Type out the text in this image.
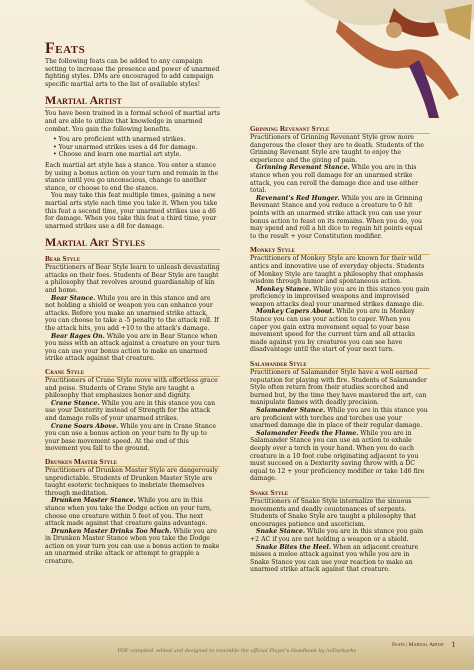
Feats

The following feats can be added to any campaign setting to increase the presence and power of unarmed fighting styles. DMs are encouraged to add campaign specific martial arts to the list of available styles!

Martial Artist

You have been trained in a formal school of martial arts and are able to utilize that knowledge in unarmed combat. You gain the following benefits.

• You are proficient with unarmed strikes.
• Your unarmed strikes uses a d4 for damage.
• Choose and learn one martial art style.

Each martial art style has a stance. You enter a stance by using a bonus action on your turn and remain in the stance until you go unconscious, change to another stance, or choose to end the stance.

You may take this feat multiple times, gaining a new martial arts style each time you take it. When you take this feat a second time, your unarmed strikes use a d6 for damage. When you take this feat a third time, your unarmed strikes use a d8 for damage.

Martial Art Styles
Bear Style

Practitioners of Bear Style learn to unleash devastating attacks on their foes. Students of Bear Style are taught a philosophy that revolves around guardianship of kin and home.

Bear Stance. While you are in this stance and are not holding a shield or weapon you can enhance your attacks. Before you make an unarmed strike attack, you can choose to take a -5 penalty to the attack roll. If the attack hits, you add +10 to the attack's damage.

Bear Rages On. While you are in Bear Stance when you miss with an attack against a creature on your turn you can use your bonus action to make an unarmed strike attack against that creature.

Crane Style

Practitioners of Crane Style move with effortless grace and poise. Students of Crane Style are taught a philosophy that emphasizes honor and dignity.

Crane Stance. While you are in this stance you can use your Dexterity instead of Strength for the attack and damage rolls of your unarmed strikes.

Crane Soars Above. While you are in Crane Stance you can use a bonus action on your turn to fly up to your base movement speed. At the end of this movement you fall to the ground.

Drunken Master Style

Practitioners of Drunken Master Style are dangerously unpredictable. Students of Drunken Master Style are taught esoteric techniques to inebriate themselves through meditation.

Drunken Master Stance. While you are in this stance when you take the Dodge action on your turn, choose one creature within 5 feet of you. The next attack made against that creature gains advantage.

Drunken Master Drinks Too Much. While you are in Drunken Master Stance when you take the Dodge action on your turn you can use a bonus action to make an unarmed strike attack or attempt to grapple a creature.

Grinning Revenant Style

Practitioners of Grinning Revenant Style grow more dangerous the closer they are to death. Students of the Grinning Revenant Style are taught to enjoy the experience and the giving of pain.

Grinning Revenant Stance. While you are in this stance when you roll damage for an unarmed strike attack, you can reroll the damage dice and use either total.

Revenant's Red Hunger. While you are in Grinning Revenant Stance and you reduce a creature to 0 hit points with an unarmed strike attack you can use your bonus action to feast on its remains. When you do, you may spend and roll a hit dice to regain hit points equal to the result + your Constitution modifier.

Monkey Style

Practitioners of Monkey Style are known for their wild antics and innovative use of everyday objects. Students of Monkey Style are taught a philosophy that emphasis wisdom through humor and spontaneous action.

Monkey Stance. While you are in this stance you gain proficiency in improvised weapons and improvised weapon attacks deal your unarmed strikes damage die.

Monkey Capers About. While you are in Monkey Stance you can use your action to caper. When you caper you gain extra movement equal to your base movement speed for the current turn and all attacks made against you by creatures you can see have disadvantage until the start of your next turn.

Salamander Style

Practitioners of Salamander Style have a well earned reputation for playing with fire. Students of Salamander Style often return from their studies scorched and burned but, by the time they have mastered the art, can manipulate flames with deadly precision.

Salamander Stance. While you are in this stance you are proficient with torches and torches use your unarmed damage die in place of their regular damage.

Salamander Feeds the Flame. While you are in Salamander Stance you can use an action to exhale deeply over a torch in your hand. When you do each creature in a 10 foot cube originating adjacent to you must succeed on a Dexterity saving throw with a DC equal to 12 + your proficiency modifier or take 1d6 fire damage.

Snake Style

Practitioners of Snake Style internalize the sinuous movements and deadly countenances of serpents. Students of Snake Style are taught a philosophy that encourages patience and asceticism.

Snake Stance. While you are in this stance you gain +2 AC if you are not holding a weapon or a shield.

Snake Bites the Heel. When an adjacent creature misses a melee attack against you while you are in Snake Stance you can use your reaction to make an unarmed strike attack against that creature.

Feats | Martial Artist 1

PDF compiled, edited and designed to resemble the official Player's Handbook by /u/Darkarke
